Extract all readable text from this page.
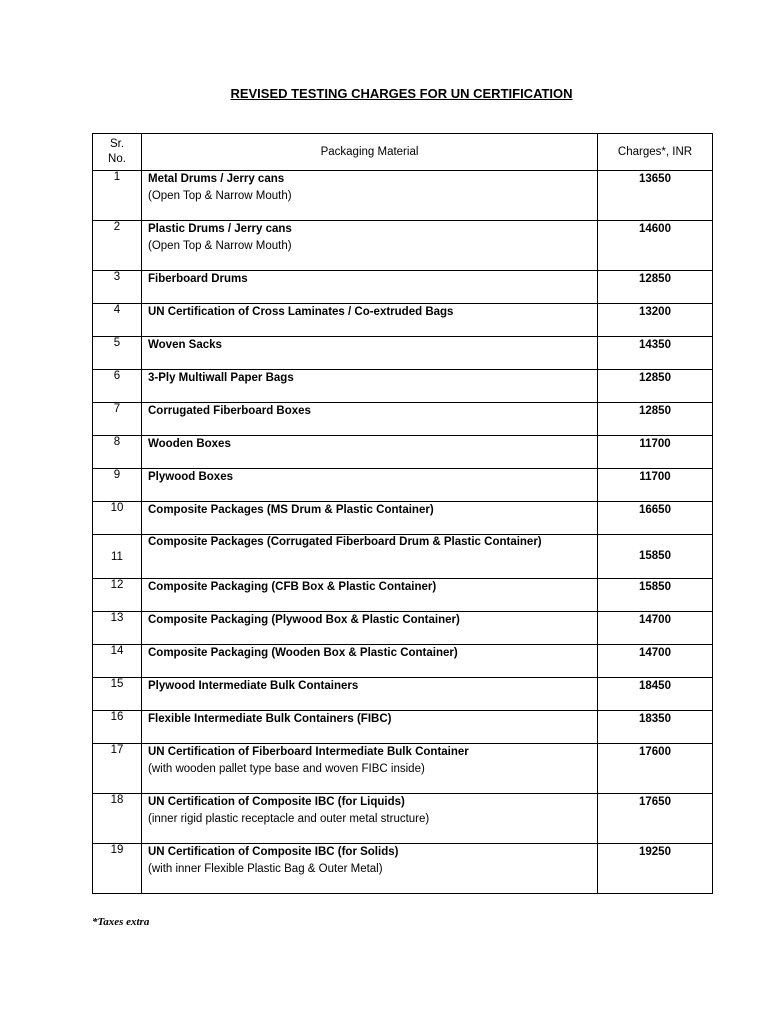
REVISED TESTING CHARGES FOR UN CERTIFICATION
Sr.
No.	Packaging Material	Charges*, INR
1	Metal Drums / Jerry cans
(Open Top & Narrow Mouth)	13650
2	Plastic Drums / Jerry cans
(Open Top & Narrow Mouth)	14600
3	Fiberboard Drums	12850
4	UN Certification of Cross Laminates / Co-extruded Bags	13200
5	Woven Sacks	14350
6	3-Ply Multiwall Paper Bags	12850
7	Corrugated Fiberboard Boxes	12850
8	Wooden Boxes	11700
9	Plywood Boxes	11700
10	Composite Packages (MS Drum & Plastic Container)	16650
11	Composite Packages (Corrugated Fiberboard Drum & Plastic Container)	15850
12	Composite Packaging (CFB Box & Plastic Container)	15850
13	Composite Packaging (Plywood Box & Plastic Container)	14700
14	Composite Packaging (Wooden Box & Plastic Container)	14700
15	Plywood Intermediate Bulk Containers	18450
16	Flexible Intermediate Bulk Containers (FIBC)	18350
17	UN Certification of Fiberboard Intermediate Bulk Container
(with wooden pallet type base and woven FIBC inside)	17600
18	UN Certification of Composite IBC (for Liquids)
(inner rigid plastic receptacle and outer metal structure)	17650
19	UN Certification of Composite IBC (for Solids)
(with inner Flexible Plastic Bag & Outer Metal)	19250
*Taxes extra
